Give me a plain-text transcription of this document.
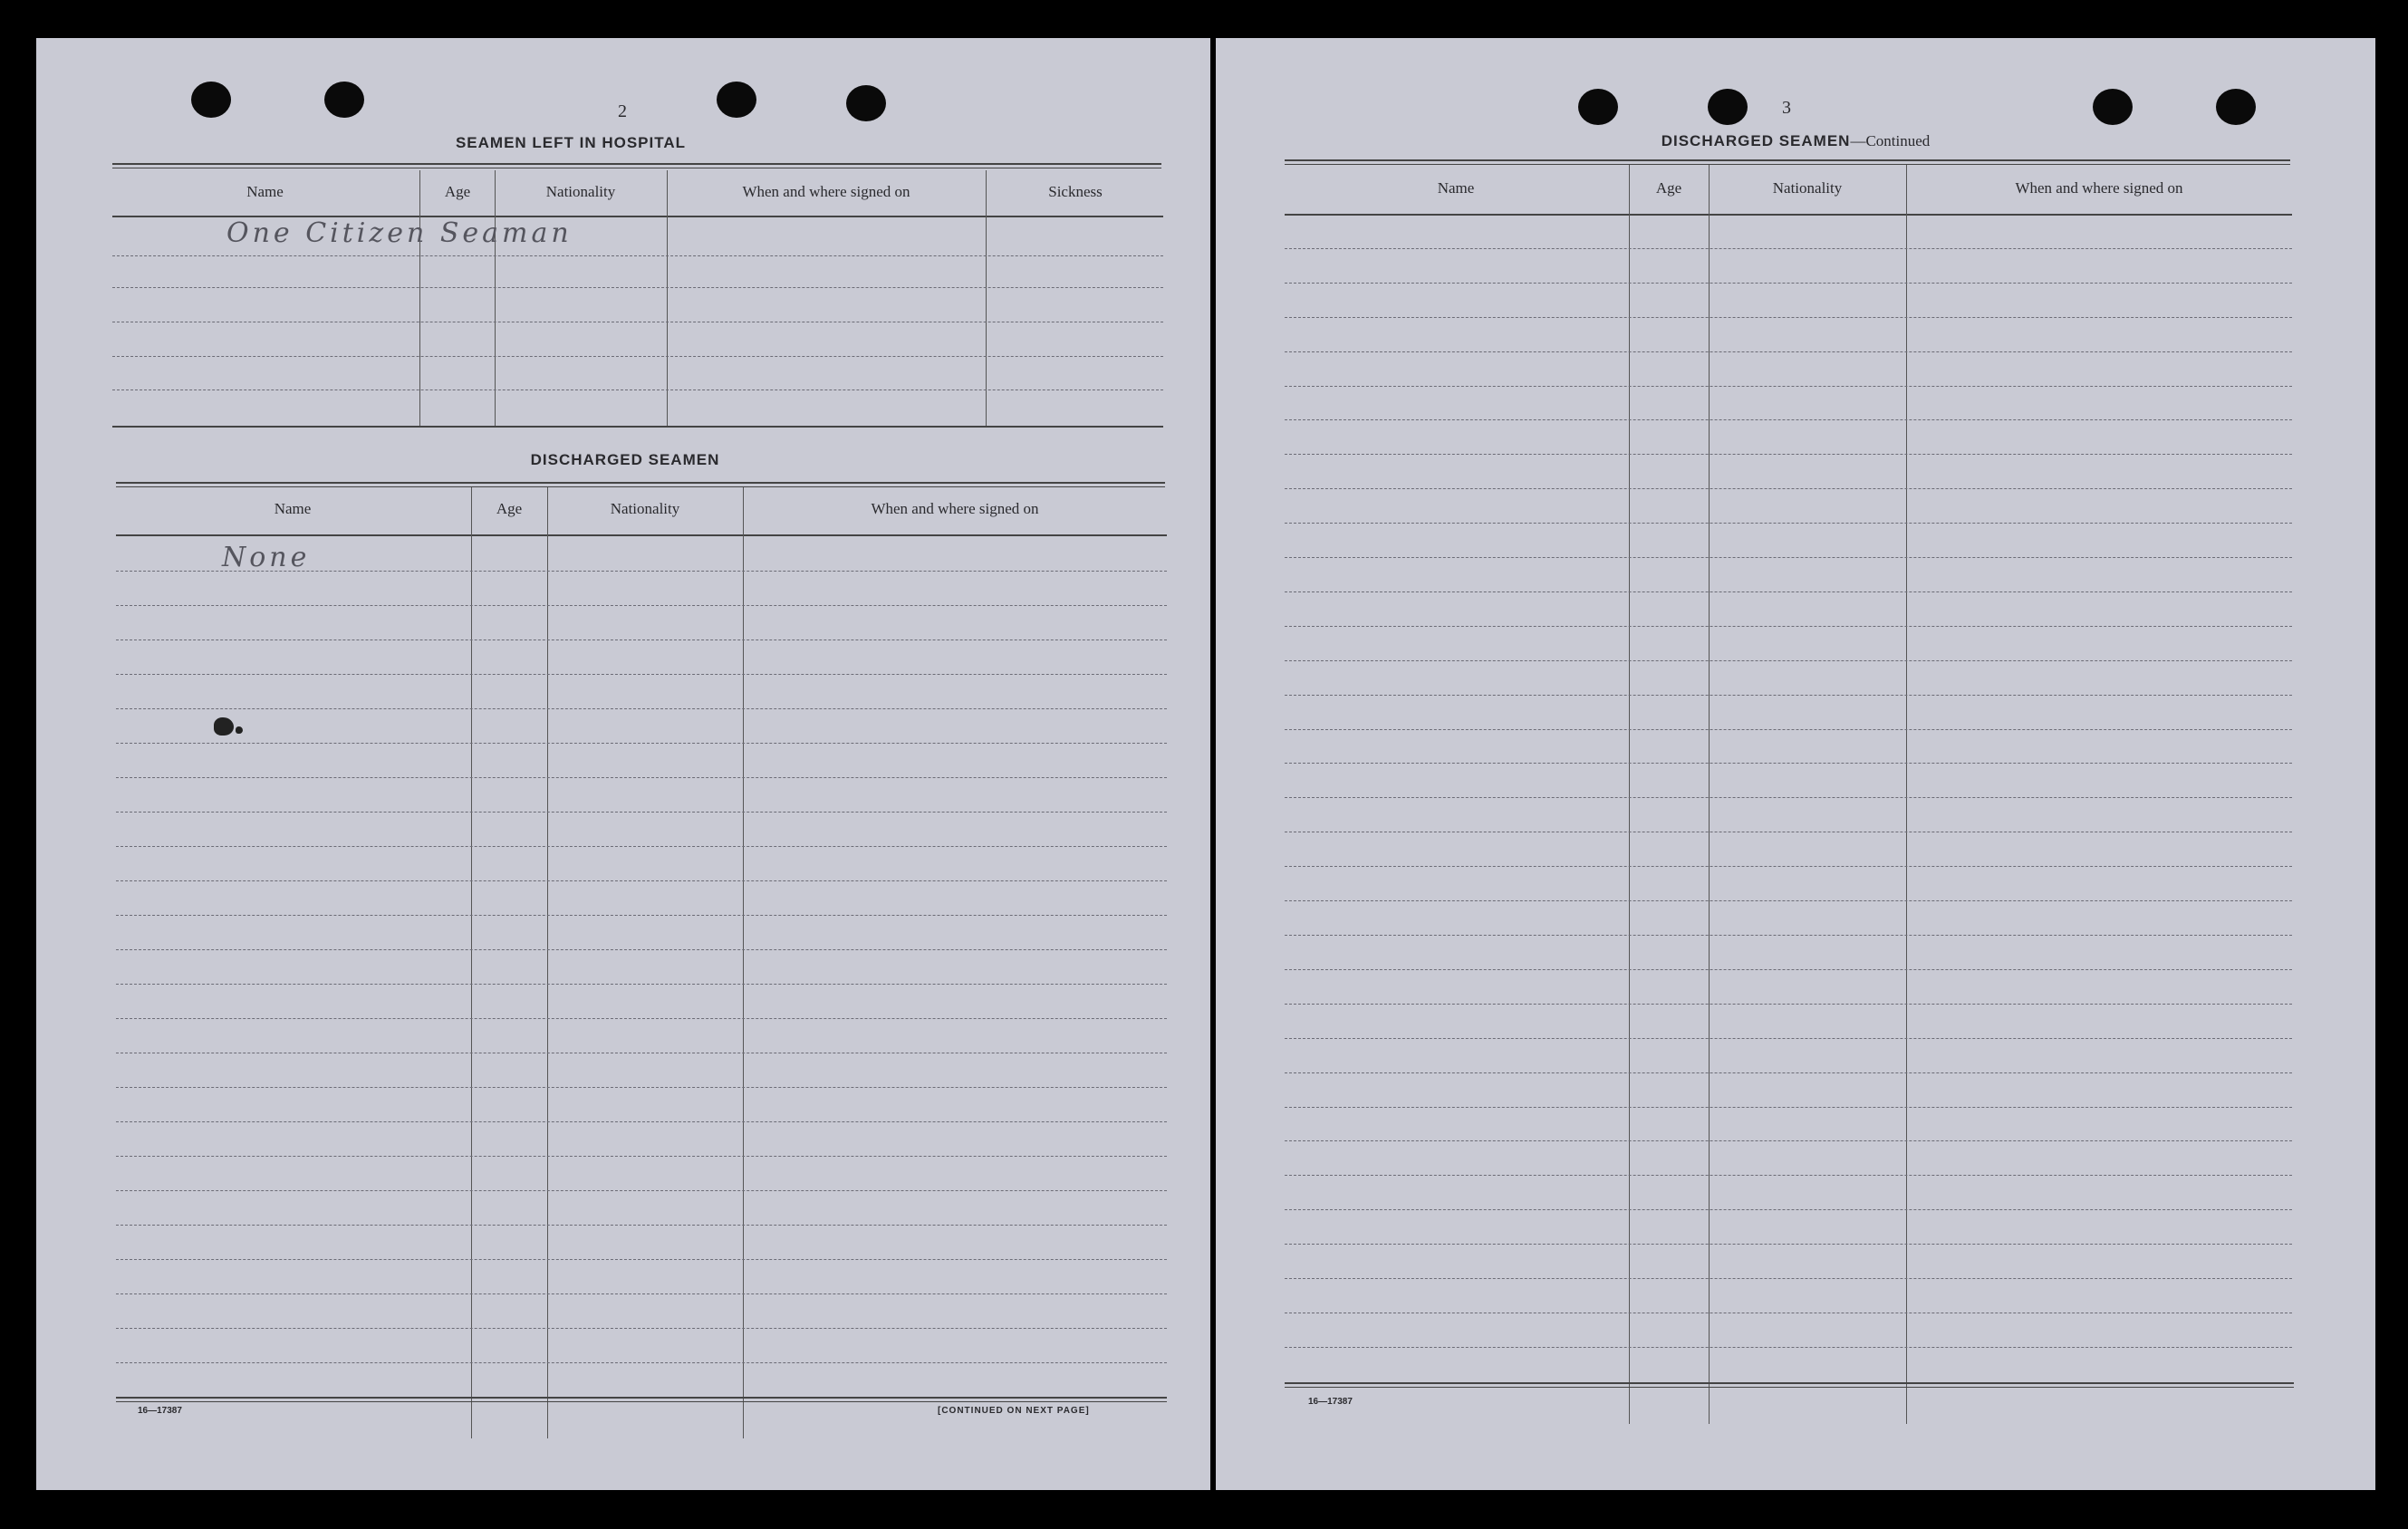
2
SEAMEN LEFT IN HOSPITAL
Name	Age	Nationality	When and where signed on	Sickness
One Citizen Seaman
DISCHARGED SEAMEN
Name	Age	Nationality	When and where signed on
None
16—17387	[CONTINUED ON NEXT PAGE]
3
DISCHARGED SEAMEN—Continued
Name	Age	Nationality	When and where signed on
16—17387
